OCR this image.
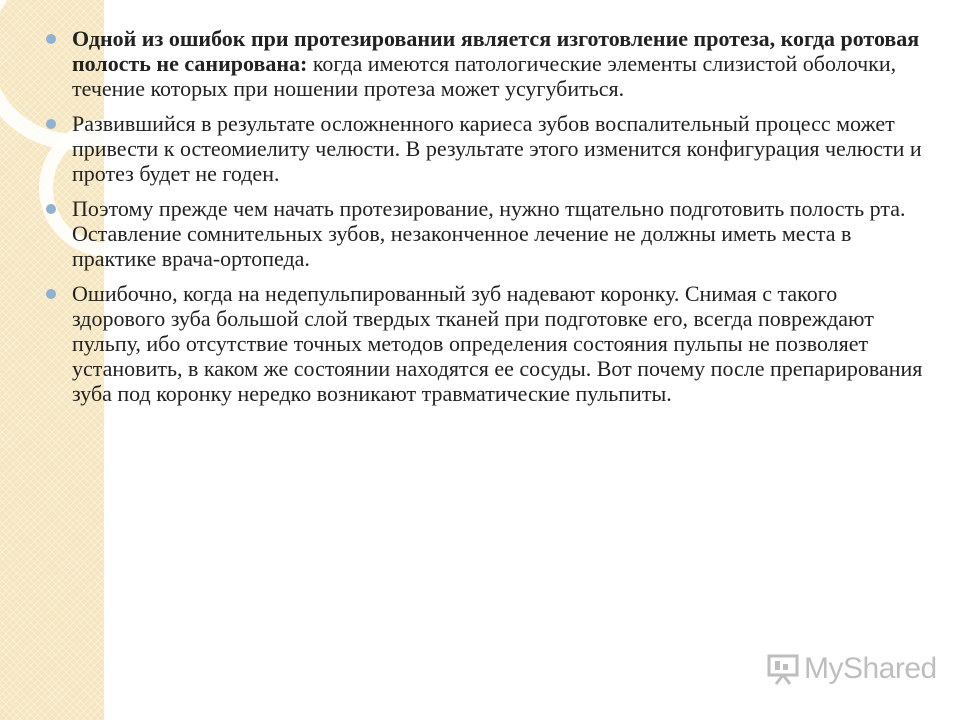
Одной из ошибок при протезировании является изготовление протеза, когда ротовая полость не санирована: когда имеются патологические элементы слизистой оболочки, течение которых при ношении протеза может усугубиться.
Развившийся в результате осложненного кариеса зубов воспалительный процесс может привести к остеомиелиту челюсти. В результате этого изменится конфигурация челюсти и протез будет не годен.
Поэтому прежде чем начать протезирование, нужно тщательно подготовить полость рта. Оставление сомнительных зубов, незаконченное лечение не должны иметь места в практике врача-ортопеда.
Ошибочно, когда на недепульпированный зуб надевают коронку. Снимая с такого здорового зуба большой слой твердых тканей при подготовке его, всегда повреждают пульпу, ибо отсутствие точных методов определения состояния пульпы не позволяет установить, в каком же состоянии находятся ее сосуды. Вот почему после препарирования зуба под коронку нередко возникают травматические пульпиты.
MyShared
